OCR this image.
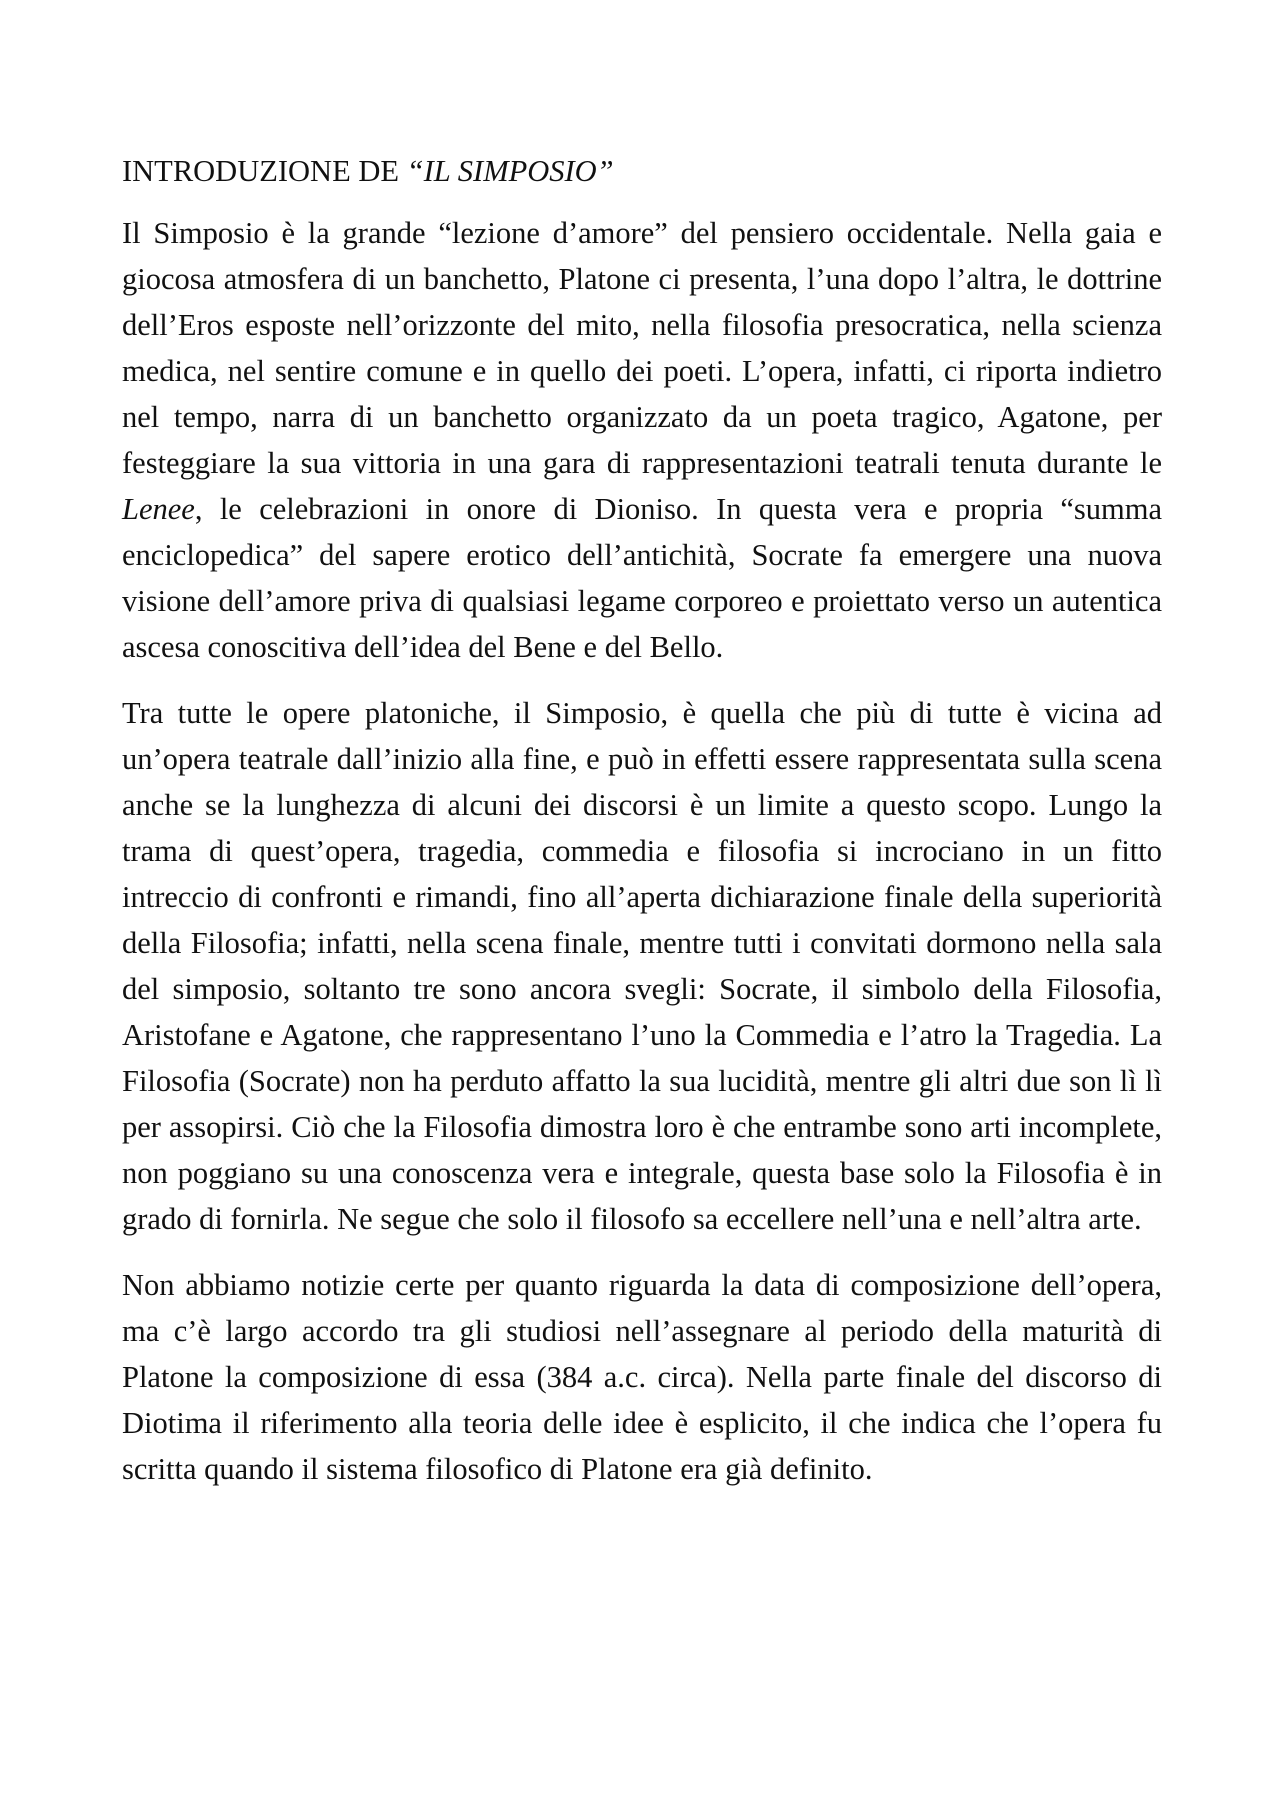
INTRODUZIONE DE “IL SIMPOSIO”

Il Simposio è la grande “lezione d’amore” del pensiero occidentale. Nella gaia e giocosa atmosfera di un banchetto, Platone ci presenta, l’una dopo l’altra, le dottrine dell’Eros esposte nell’orizzonte del mito, nella filosofia presocratica, nella scienza medica, nel sentire comune e in quello dei poeti. L’opera, infatti, ci riporta indietro nel tempo, narra di un banchetto organizzato da un poeta tragico, Agatone, per festeggiare la sua vittoria in una gara di rappresentazioni teatrali tenuta durante le Lenee, le celebrazioni in onore di Dioniso. In questa vera e propria “summa enciclopedica” del sapere erotico dell’antichità, Socrate fa emergere una nuova visione dell’amore priva di qualsiasi legame corporeo e proiettato verso un autentica ascesa conoscitiva dell’idea del Bene e del Bello.

Tra tutte le opere platoniche, il Simposio, è quella che più di tutte è vicina ad un’opera teatrale dall’inizio alla fine, e può in effetti essere rappresentata sulla scena anche se la lunghezza di alcuni dei discorsi è un limite a questo scopo. Lungo la trama di quest’opera, tragedia, commedia e filosofia si incrociano in un fitto intreccio di confronti e rimandi, fino all’aperta dichiarazione finale della superiorità della Filosofia; infatti, nella scena finale, mentre tutti i convitati dormono nella sala del simposio, soltanto tre sono ancora svegli: Socrate, il simbolo della Filosofia, Aristofane e Agatone, che rappresentano l’uno la Commedia e l’atro la Tragedia. La Filosofia (Socrate) non ha perduto affatto la sua lucidità, mentre gli altri due son lì lì per assopirsi. Ciò che la Filosofia dimostra loro è che entrambe sono arti incomplete, non poggiano su una conoscenza vera e integrale, questa base solo la Filosofia è in grado di fornirla. Ne segue che solo il filosofo sa eccellere nell’una e nell’altra arte.

Non abbiamo notizie certe per quanto riguarda la data di composizione dell’opera, ma c’è largo accordo tra gli studiosi nell’assegnare al periodo della maturità di Platone la composizione di essa (384 a.c. circa). Nella parte finale del discorso di Diotima il riferimento alla teoria delle idee è esplicito, il che indica che l’opera fu scritta quando il sistema filosofico di Platone era già definito.
